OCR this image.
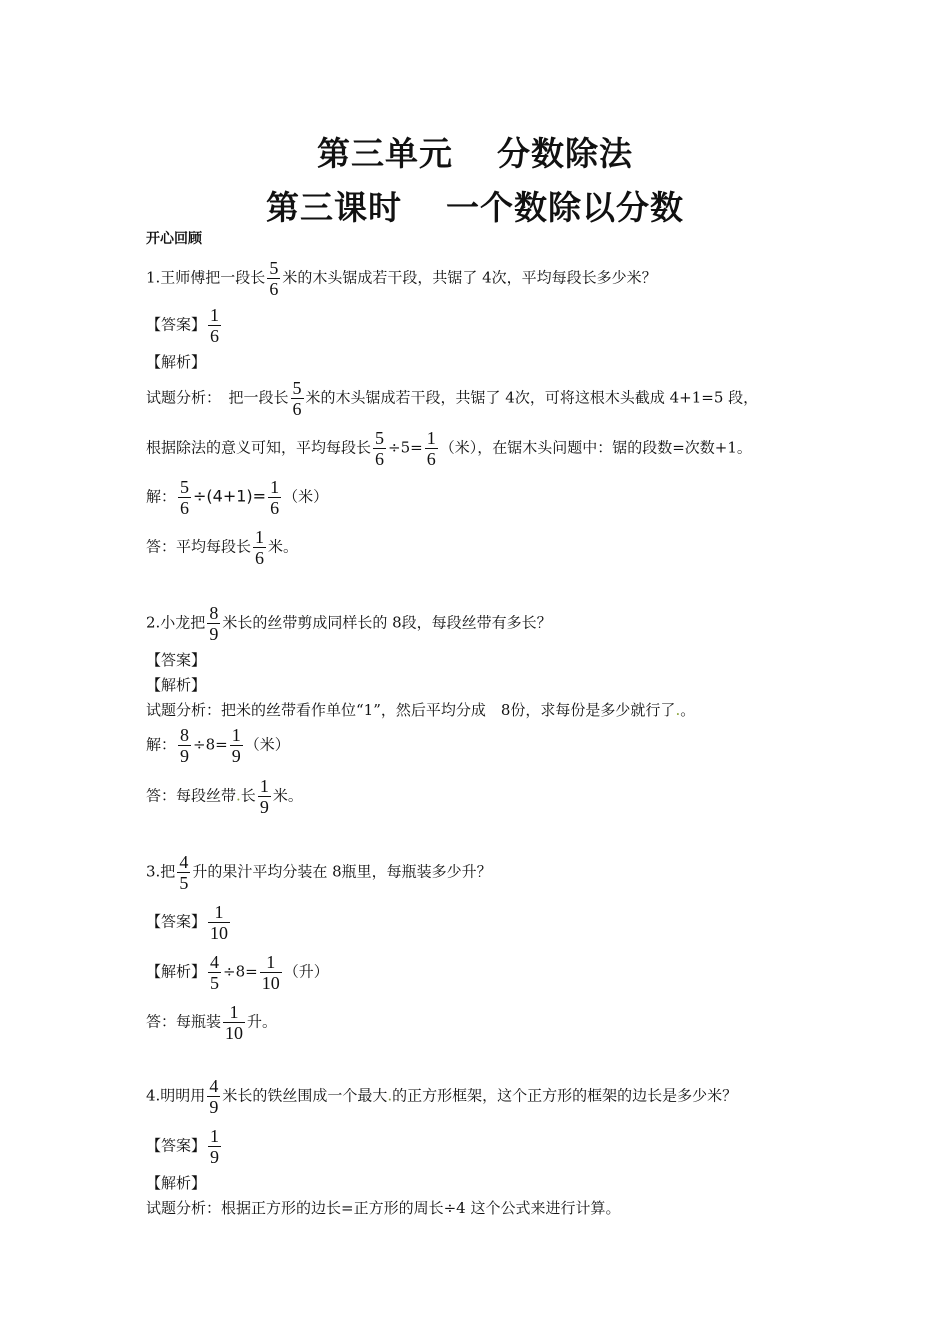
第三单元 分数除法
第三课时 一个数除以分数
开心回顾
1.王师傅把一段长 $\frac{5}{6}$ 米的木头锯成若干段，共锯了 4次，平均每段长多少米？
【答案】 $\frac{1}{6}$
【解析】
试题分析：　把一段长 $\frac{5}{6}$ 米的木头锯成若干段，共锯了 4次，可将这根木头截成 4+1=5 段，
根据除法的意义可知，平均每段长 $\frac{5}{6} \div 5= \frac{1}{6}$ （米），在锯木头问题中：锯的段数=次数+1。
解： $\frac{5}{6} \div(4+1)= \frac{1}{6}$ （米）
答：平均每段长 $\frac{1}{6}$ 米。
2.小龙把 $\frac{8}{9}$ 米长的丝带剪成同样长的 8段，每段丝带有多长？
【答案】
【解析】
试题分析：把米的丝带看作单位“1”，然后平均分成　8份，求每份是多少就行了.。
解： $\frac{8}{9} \div 8= \frac{1}{9}$ （米）
答：每段丝带.长 $\frac{1}{9}$ 米。
3.把 $\frac{4}{5}$ 升的果汁平均分装在 8瓶里，每瓶装多少升？
【答案】 $\frac{1}{10}$
【解析】 $\frac{4}{5} \div 8= \frac{1}{10}$ （升）
答：每瓶装 $\frac{1}{10}$ 升。
4.明明用 $\frac{4}{9}$ 米长的铁丝围成一个最大.的正方形框架，这个正方形的框架的边长是多少米？
【答案】 $\frac{1}{9}$
【解析】
试题分析：根据正方形的边长=正方形的周长÷4 这个公式来进行计算。
